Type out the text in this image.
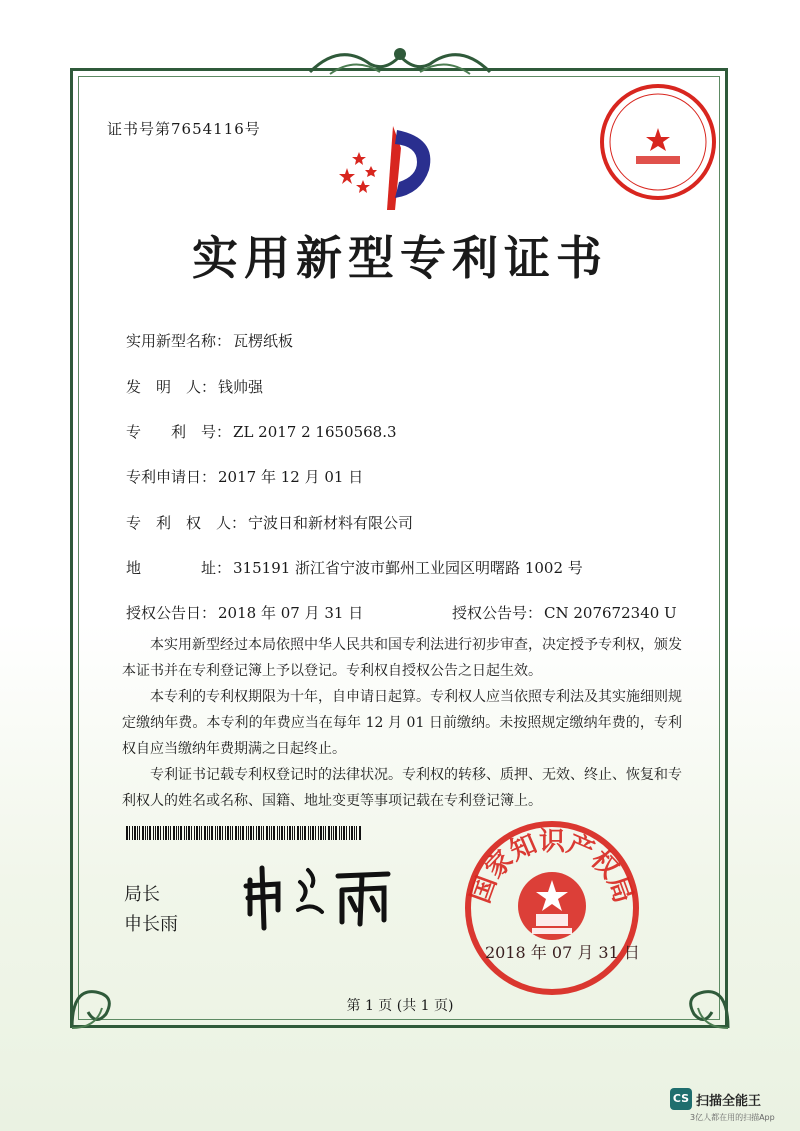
证书号第7654116号
实用新型专利证书
实用新型名称： 瓦楞纸板
发　明　人： 钱帅强
专　　利　号： ZL 2017 2 1650568.3
专利申请日： 2017 年 12 月 01 日
专　利　权　人： 宁波日和新材料有限公司
地　　　　址： 315191 浙江省宁波市鄞州工业园区明曙路 1002 号
授权公告日： 2018 年 07 月 31 日	授权公告号： CN 207672340 U

本实用新型经过本局依照中华人民共和国专利法进行初步审查，决定授予专利权，颁发本证书并在专利登记簿上予以登记。专利权自授权公告之日起生效。

本专利的专利权期限为十年，自申请日起算。专利权人应当依照专利法及其实施细则规定缴纳年费。本专利的年费应当在每年 12 月 01 日前缴纳。未按照规定缴纳年费的，专利权自应当缴纳年费期满之日起终止。

专利证书记载专利权登记时的法律状况。专利权的转移、质押、无效、终止、恢复和专利权人的姓名或名称、国籍、地址变更等事项记载在专利登记簿上。

局长
申长雨
国家知识产权局
2018 年 07 月 31 日
第 1 页 (共 1 页)
CS 扫描全能王
3亿人都在用的扫描App
